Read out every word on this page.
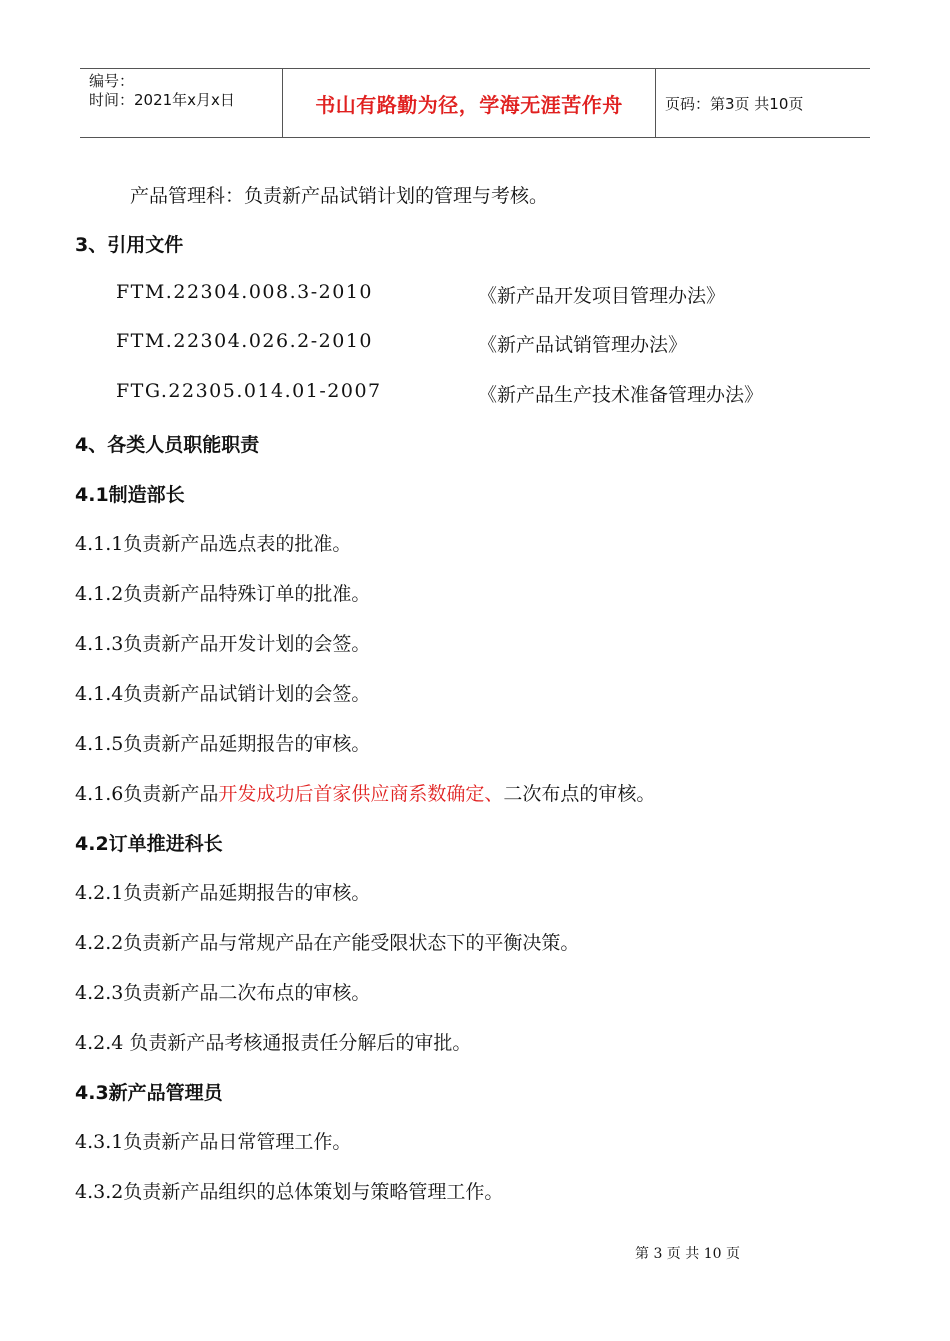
编号：
时间：2021年x月x日	书山有路勤为径，学海无涯苦作舟	页码：第3页 共10页
产品管理科：负责新产品试销计划的管理与考核。
3、引用文件
FTM.22304.008.3-2010	《新产品开发项目管理办法》
FTM.22304.026.2-2010	《新产品试销管理办法》
FTG.22305.014.01-2007	《新产品生产技术准备管理办法》
4、各类人员职能职责
4.1制造部长
4.1.1负责新产品选点表的批准。
4.1.2负责新产品特殊订单的批准。
4.1.3负责新产品开发计划的会签。
4.1.4负责新产品试销计划的会签。
4.1.5负责新产品延期报告的审核。
4.1.6负责新产品开发成功后首家供应商系数确定、二次布点的审核。
4.2订单推进科长
4.2.1负责新产品延期报告的审核。
4.2.2负责新产品与常规产品在产能受限状态下的平衡决策。
4.2.3负责新产品二次布点的审核。
4.2.4 负责新产品考核通报责任分解后的审批。
4.3新产品管理员
4.3.1负责新产品日常管理工作。
4.3.2负责新产品组织的总体策划与策略管理工作。
第 3 页 共 10 页
